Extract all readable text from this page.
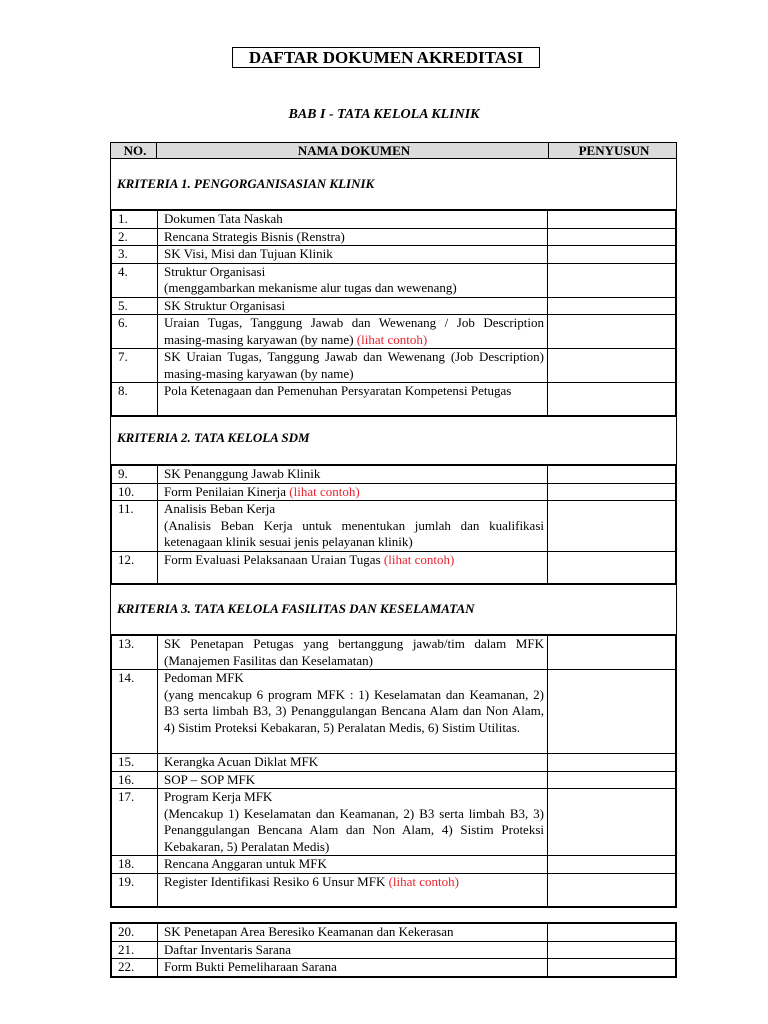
DAFTAR DOKUMEN AKREDITASI
BAB I - TATA KELOLA KLINIK
NO.	NAMA DOKUMEN	PENYUSUN
KRITERIA 1. PENGORGANISASIAN KLINIK
1.	Dokumen Tata Naskah	
2.	Rencana Strategis Bisnis (Renstra)	
3.	SK Visi, Misi dan Tujuan Klinik	
4.	Struktur Organisasi
(menggambarkan mekanisme alur tugas dan wewenang)	
5.	SK Struktur Organisasi	
6.	Uraian Tugas, Tanggung Jawab dan Wewenang / Job Description masing-masing karyawan (by name) (lihat contoh)	
7.	SK Uraian Tugas, Tanggung Jawab dan Wewenang (Job Description) masing-masing karyawan (by name)	
8.	Pola Ketenagaan dan Pemenuhan Persyaratan Kompetensi Petugas	
KRITERIA 2. TATA KELOLA SDM
9.	SK Penanggung Jawab Klinik	
10.	Form Penilaian Kinerja (lihat contoh)	
11.	Analisis Beban Kerja
(Analisis Beban Kerja untuk menentukan jumlah dan kualifikasi ketenagaan klinik sesuai jenis pelayanan klinik)	
12.	Form Evaluasi Pelaksanaan Uraian Tugas (lihat contoh)	
KRITERIA 3. TATA KELOLA FASILITAS DAN KESELAMATAN
13.	SK Penetapan Petugas yang bertanggung jawab/tim dalam MFK (Manajemen Fasilitas dan Keselamatan)	
14.	Pedoman MFK
(yang mencakup 6 program MFK : 1) Keselamatan dan Keamanan, 2) B3 serta limbah B3, 3) Penanggulangan Bencana Alam dan Non Alam, 4) Sistim Proteksi Kebakaran, 5) Peralatan Medis, 6) Sistim Utilitas.	
15.	Kerangka Acuan Diklat MFK	
16.	SOP – SOP MFK	
17.	Program Kerja MFK
(Mencakup 1) Keselamatan dan Keamanan, 2) B3 serta limbah B3, 3) Penanggulangan Bencana Alam dan Non Alam, 4) Sistim Proteksi Kebakaran, 5) Peralatan Medis)	
18.	Rencana Anggaran untuk MFK	
19.	Register Identifikasi Resiko 6 Unsur MFK (lihat contoh)	
20.	SK Penetapan Area Beresiko Keamanan dan Kekerasan	
21.	Daftar Inventaris Sarana	
22.	Form Bukti Pemeliharaan Sarana	
